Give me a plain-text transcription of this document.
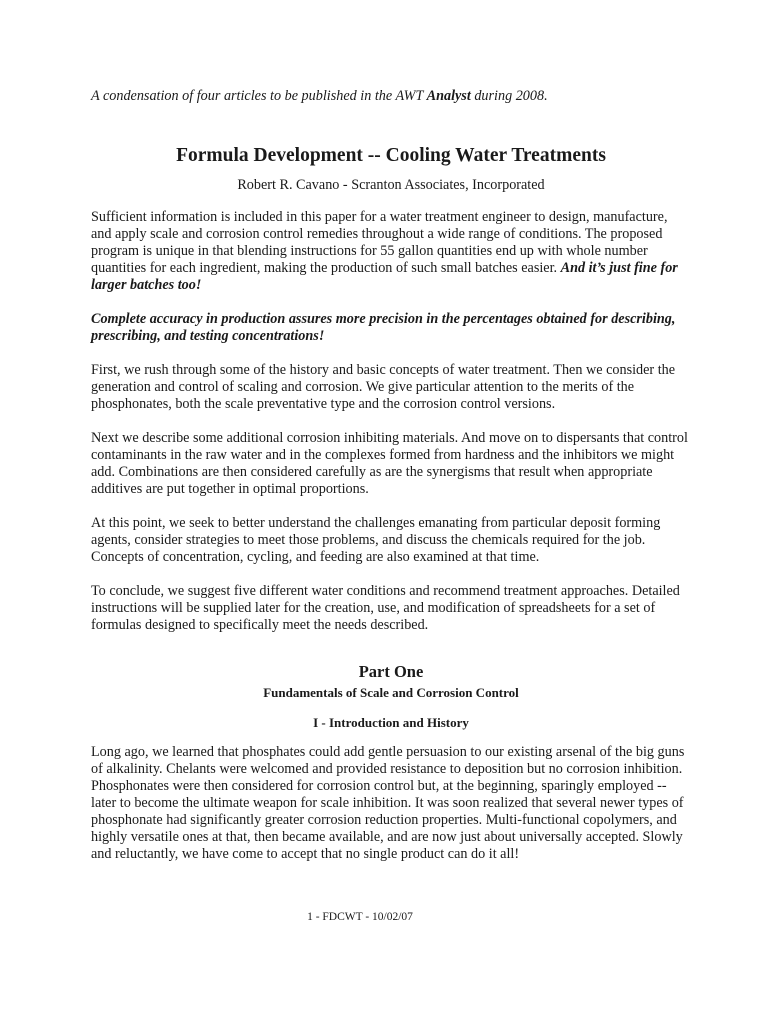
A condensation of four articles to be published in the AWT Analyst during 2008.

Formula Development -- Cooling Water Treatments

Robert R. Cavano - Scranton Associates, Incorporated

Sufficient information is included in this paper for a water treatment engineer to design, manufacture, and apply scale and corrosion control remedies throughout a wide range of conditions. The proposed program is unique in that blending instructions for 55 gallon quantities end up with whole number quantities for each ingredient, making the production of such small batches easier. And it’s just fine for larger batches too!

Complete accuracy in production assures more precision in the percentages obtained for describing, prescribing, and testing concentrations!

First, we rush through some of the history and basic concepts of water treatment. Then we consider the generation and control of scaling and corrosion. We give particular attention to the merits of the phosphonates, both the scale preventative type and the corrosion control versions.

Next we describe some additional corrosion inhibiting materials. And move on to dispersants that control contaminants in the raw water and in the complexes formed from hardness and the inhibitors we might add. Combinations are then considered carefully as are the synergisms that result when appropriate additives are put together in optimal proportions.

At this point, we seek to better understand the challenges emanating from particular deposit forming agents, consider strategies to meet those problems, and discuss the chemicals required for the job. Concepts of concentration, cycling, and feeding are also examined at that time.

To conclude, we suggest five different water conditions and recommend treatment approaches. Detailed instructions will be supplied later for the creation, use, and modification of spreadsheets for a set of formulas designed to specifically meet the needs described.

Part One

Fundamentals of Scale and Corrosion Control

I - Introduction and History

Long ago, we learned that phosphates could add gentle persuasion to our existing arsenal of the big guns of alkalinity. Chelants were welcomed and provided resistance to deposition but no corrosion inhibition. Phosphonates were then considered for corrosion control but, at the beginning, sparingly employed -- later to become the ultimate weapon for scale inhibition. It was soon realized that several newer types of phosphonate had significantly greater corrosion reduction properties. Multi-functional copolymers, and highly versatile ones at that, then became available, and are now just about universally accepted. Slowly and reluctantly, we have come to accept that no single product can do it all!

1 - FDCWT - 10/02/07
